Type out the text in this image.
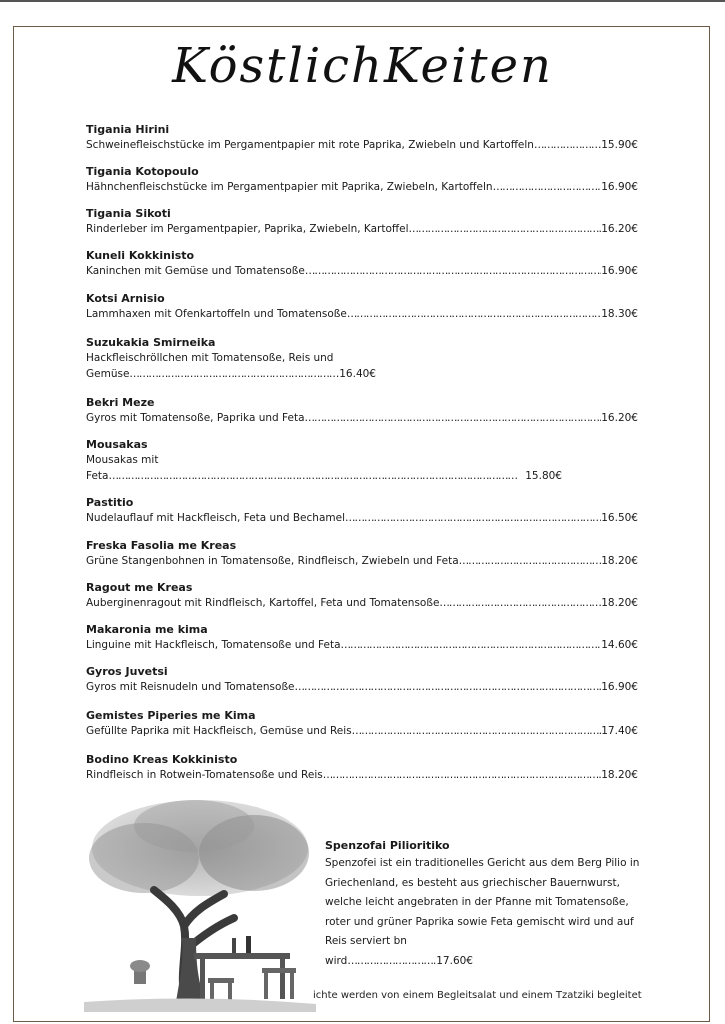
KöstlichKeiten
Tigania Hirini
Schweinefleischstücke im Pergamentpapier mit rote Paprika, Zwiebeln und Kartoffeln …………………………………………………………………………………………………………………	15.90€
Tigania Kotopoulo
Hähnchenfleischstücke im Pergamentpapier mit Paprika, Zwiebeln, Kartoffeln …………………………………………………………………………………………………………………	16.90€
Tigania Sikoti
Rinderleber im Pergamentpapier, Paprika, Zwiebeln, Kartoffel …………………………………………………………………………………………………………………	16.20€
Kuneli Kokkinisto
Kaninchen mit Gemüse und Tomatensoße …………………………………………………………………………………………………………………	16.90€
Kotsi Arnisio
Lammhaxen mit Ofenkartoffeln und Tomatensoße …………………………………………………………………………………………………………………	18.30€
Suzukakia Smirneika
Hackfleischröllchen mit Tomatensoße, Reis und
Gemüse …………………………………………………………………………………………………………………	16.40€
Bekri Meze
Gyros mit Tomatensoße, Paprika und Feta …………………………………………………………………………………………………………………	16.20€
Mousakas
Mousakas mit
Feta …………………………………………………………………………………………………………………	15.80€
Pastitio
Nudelauflauf mit Hackfleisch, Feta und Bechamel …………………………………………………………………………………………………………………	16.50€
Freska Fasolia me Kreas
Grüne Stangenbohnen in Tomatensoße, Rindfleisch, Zwiebeln und Feta …………………………………………………………………………………………………………………	18.20€
Ragout me Kreas
Auberginenragout mit Rindfleisch, Kartoffel, Feta und Tomatensoße …………………………………………………………………………………………………………………	18.20€
Makaronia me kima
Linguine mit Hackfleisch, Tomatensoße und Feta …………………………………………………………………………………………………………………	14.60€
Gyros Juvetsi
Gyros mit Reisnudeln und Tomatensoße …………………………………………………………………………………………………………………	16.90€
Gemistes Piperies me Kima
Gefüllte Paprika mit Hackfleisch, Gemüse und Reis …………………………………………………………………………………………………………………	17.40€
Bodino Kreas Kokkinisto
Rindfleisch in Rotwein-Tomatensoße und Reis …………………………………………………………………………………………………………………	18.20€
Spenzofai Pilioritiko
Spenzofei ist ein traditionelles Gericht aus dem Berg Pilio in Griechenland, es besteht aus griechischer Bauernwurst, welche leicht angebraten in der Pfanne mit Tomatensoße, roter und grüner Paprika sowie Feta gemischt wird und auf Reis serviert bn
wird …………………………………	17.60€
ichte werden von einem Begleitsalat und einem Tzatziki begleitet
